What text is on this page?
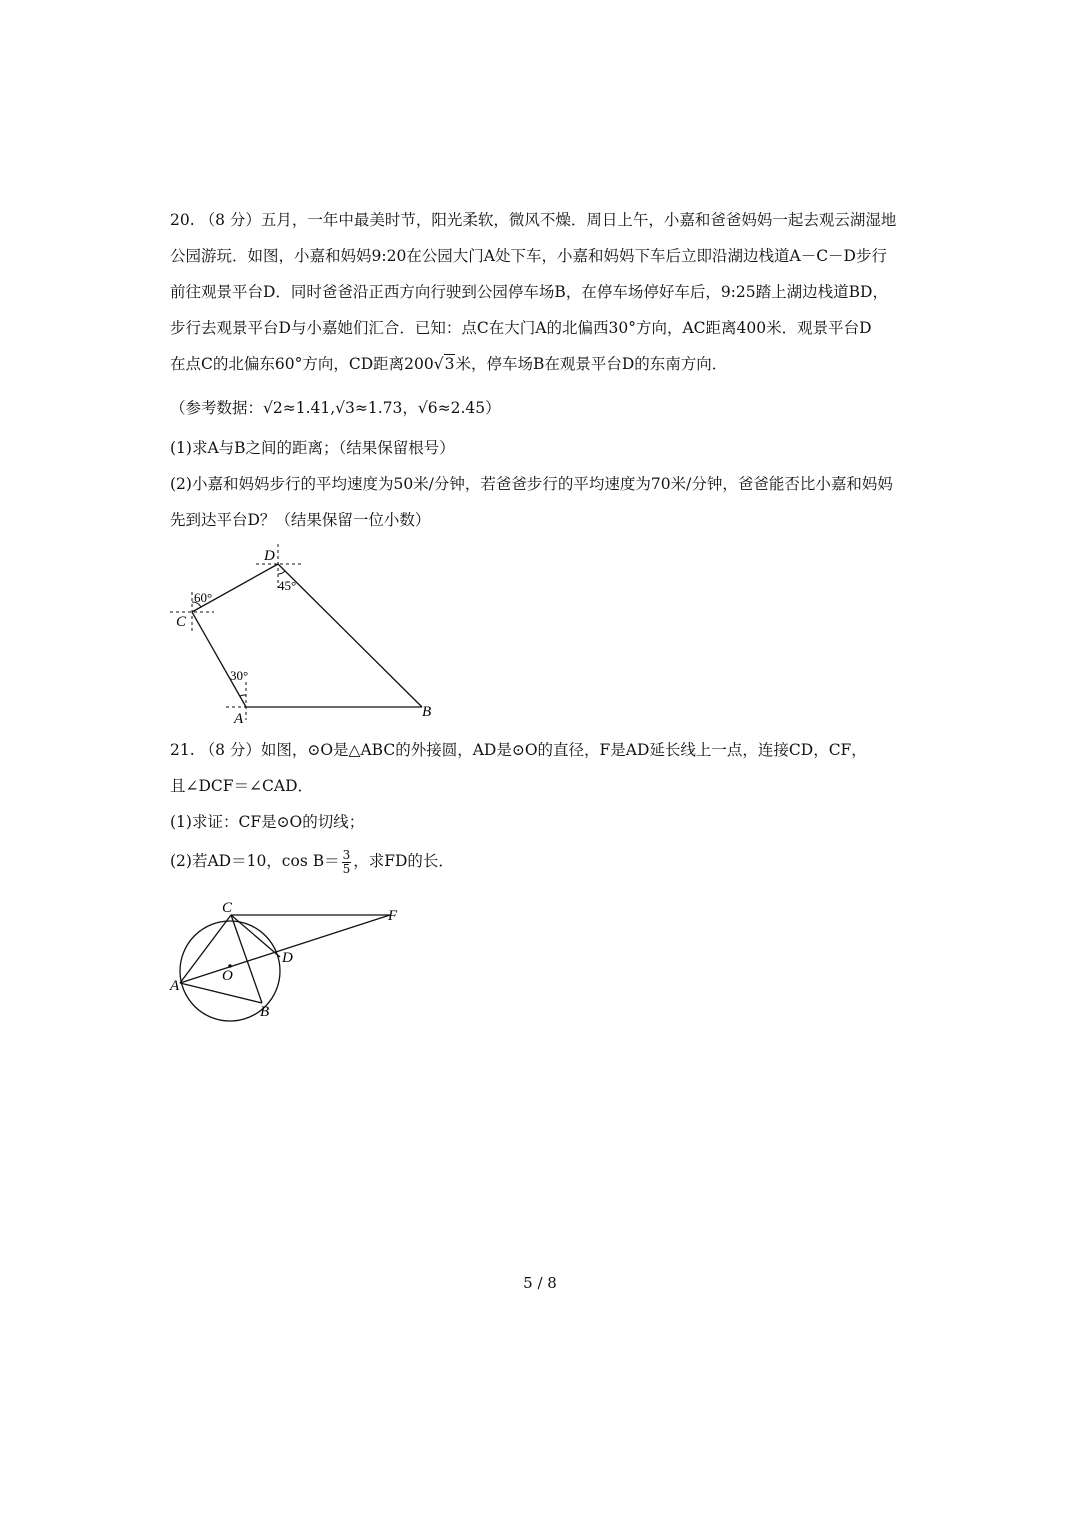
20. （8 分）五月，一年中最美时节，阳光柔软，微风不燥．周日上午，小嘉和爸爸妈妈一起去观云湖湿地
公园游玩．如图，小嘉和妈妈9:20在公园大门A处下车，小嘉和妈妈下车后立即沿湖边栈道A－C－D步行
前往观景平台D．同时爸爸沿正西方向行驶到公园停车场B，在停车场停好车后，9:25踏上湖边栈道BD，
步行去观景平台D与小嘉她们汇合．已知：点C在大门A的北偏西30°方向，AC距离400米．观景平台D
在点C的北偏东60°方向，CD距离200√3米，停车场B在观景平台D的东南方向．
（参考数据：√2≈1.41,√3≈1.73，√6≈2.45）
(1)求A与B之间的距离；（结果保留根号）
(2)小嘉和妈妈步行的平均速度为50米/分钟，若爸爸步行的平均速度为70米/分钟，爸爸能否比小嘉和妈妈
先到达平台D？（结果保留一位小数）
D
C
A	B
60°
45°
30°
21. （8 分）如图，⊙O是△ABC的外接圆，AD是⊙O的直径，F是AD延长线上一点，连接CD，CF，
且∠DCF＝∠CAD．
(1)求证：CF是⊙O的切线；
(2)若AD＝10，$\cos B= \frac{3}{5}$ ，求FD的长．
C	F
D
O
A
B
5 / 8
